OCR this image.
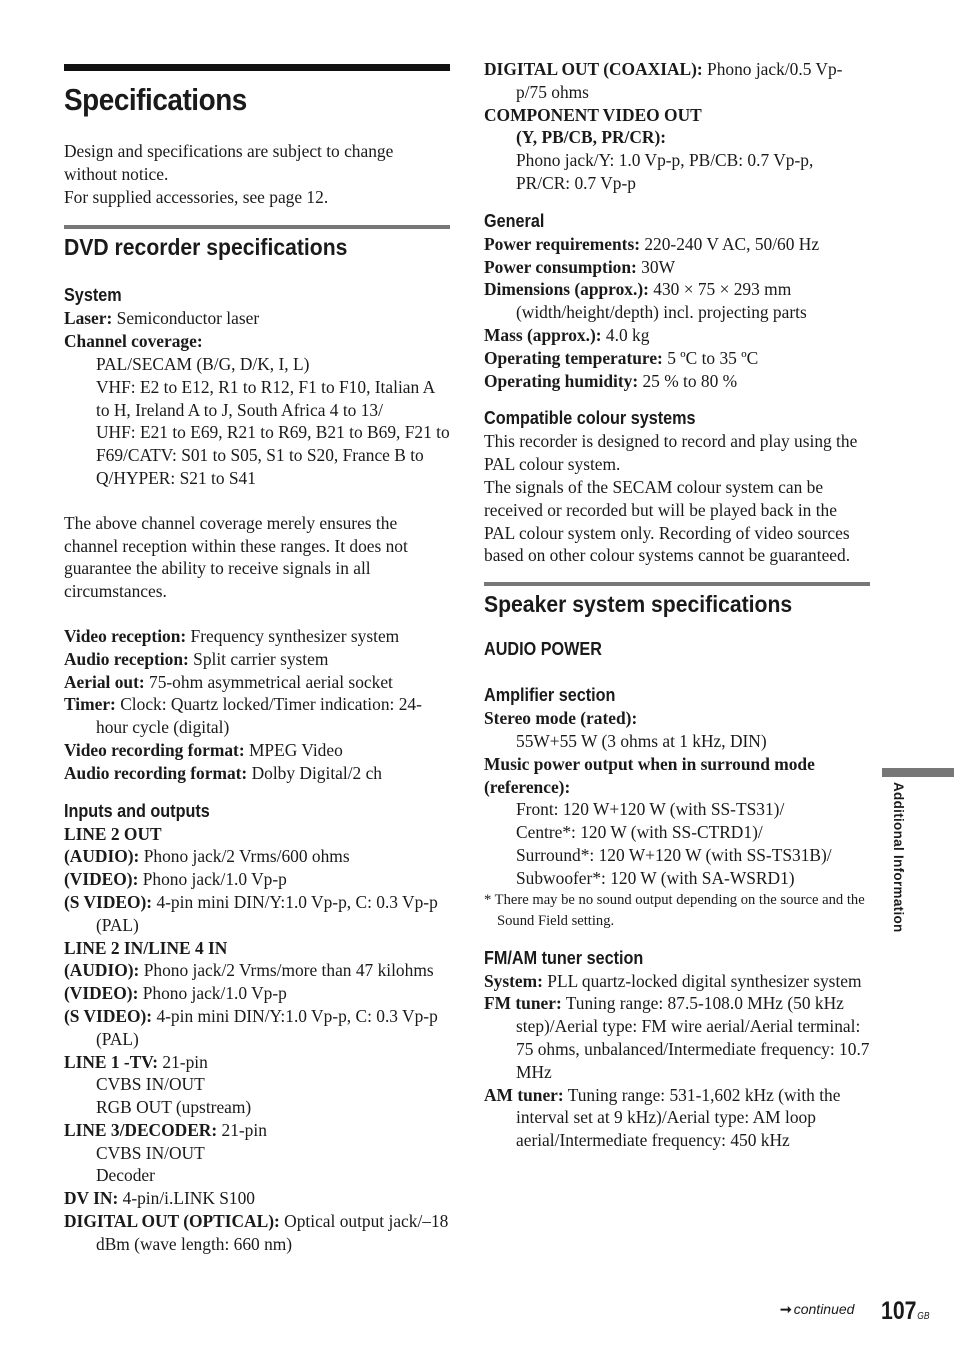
Specifications

Design and specifications are subject to change without notice.

For supplied accessories, see page 12.

DVD recorder specifications
System

Laser: Semiconductor laser

Channel coverage:

PAL/SECAM (B/G, D/K, I, L)

VHF: E2 to E12, R1 to R12, F1 to F10, Italian A to H, Ireland A to J, South Africa 4 to 13/

UHF: E21 to E69, R21 to R69, B21 to B69, F21 to F69/CATV: S01 to S05, S1 to S20, France B to Q/HYPER: S21 to S41

The above channel coverage merely ensures the channel reception within these ranges. It does not guarantee the ability to receive signals in all circumstances.

Video reception: Frequency synthesizer system

Audio reception: Split carrier system

Aerial out: 75-ohm asymmetrical aerial socket

Timer: Clock: Quartz locked/Timer indication: 24-hour cycle (digital)

Video recording format: MPEG Video

Audio recording format: Dolby Digital/2 ch

Inputs and outputs

LINE 2 OUT

(AUDIO): Phono jack/2 Vrms/600 ohms

(VIDEO): Phono jack/1.0 Vp-p

(S VIDEO): 4-pin mini DIN/Y:1.0 Vp-p, C: 0.3 Vp-p (PAL)

LINE 2 IN/LINE 4 IN

(AUDIO): Phono jack/2 Vrms/more than 47 kilohms

(VIDEO): Phono jack/1.0 Vp-p

(S VIDEO): 4-pin mini DIN/Y:1.0 Vp-p, C: 0.3 Vp-p (PAL)

LINE 1 -TV: 21-pin

CVBS IN/OUT

RGB OUT (upstream)

LINE 3/DECODER: 21-pin

CVBS IN/OUT

Decoder

DV IN: 4-pin/i.LINK S100

DIGITAL OUT (OPTICAL): Optical output jack/–18 dBm (wave length: 660 nm)

DIGITAL OUT (COAXIAL): Phono jack/0.5 Vp-p/75 ohms

COMPONENT VIDEO OUT

(Y, PB/CB, PR/CR):

Phono jack/Y: 1.0 Vp-p, PB/CB: 0.7 Vp-p, PR/CR: 0.7 Vp-p

General

Power requirements: 220-240 V AC, 50/60 Hz

Power consumption: 30W

Dimensions (approx.): 430 × 75 × 293 mm (width/height/depth) incl. projecting parts

Mass (approx.): 4.0 kg

Operating temperature: 5 ºC to 35 ºC

Operating humidity: 25 % to 80 %

Compatible colour systems

This recorder is designed to record and play using the PAL colour system.

The signals of the SECAM colour system can be received or recorded but will be played back in the PAL colour system only. Recording of video sources based on other colour systems cannot be guaranteed.

Speaker system specifications
AUDIO POWER
Amplifier section

Stereo mode (rated):

55W+55 W (3 ohms at 1 kHz, DIN)

Music power output when in surround mode (reference):

Front: 120 W+120 W (with SS-TS31)/

Centre*: 120 W (with SS-CTRD1)/

Surround*: 120 W+120 W (with SS-TS31B)/

Subwoofer*: 120 W (with SA-WSRD1)

* There may be no sound output depending on the source and the Sound Field setting.

FM/AM tuner section

System: PLL quartz-locked digital synthesizer system

FM tuner: Tuning range: 87.5-108.0 MHz (50 kHz step)/Aerial type: FM wire aerial/Aerial terminal: 75 ohms, unbalanced/Intermediate frequency: 10.7 MHz

AM tuner: Tuning range: 531-1,602 kHz (with the interval set at 9 kHz)/Aerial type: AM loop aerial/Intermediate frequency: 450 kHz

Additional Information
➞ continued 107GB
